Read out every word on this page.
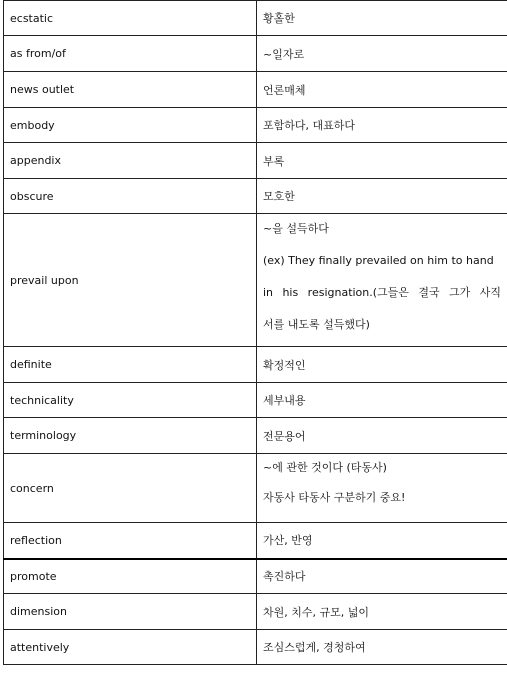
ecstatic	황홀한
as from/of	~일자로
news outlet	언론매체
embody	포함하다, 대표하다
appendix	부록
obscure	모호한
prevail upon	~을 설득하다
(ex) They finally prevailed on him to hand
in his resignation.(그들은 결국 그가 사직
서를 내도록 설득했다)

definite	확정적인
technicality	세부내용
terminology	전문용어
concern	~에 관한 것이다 (타동사)
자동사 타동사 구분하기 중요!

reflection	가산, 반영
promote	촉진하다
dimension	차원, 치수, 규모, 넓이
attentively	조심스럽게, 경청하여
